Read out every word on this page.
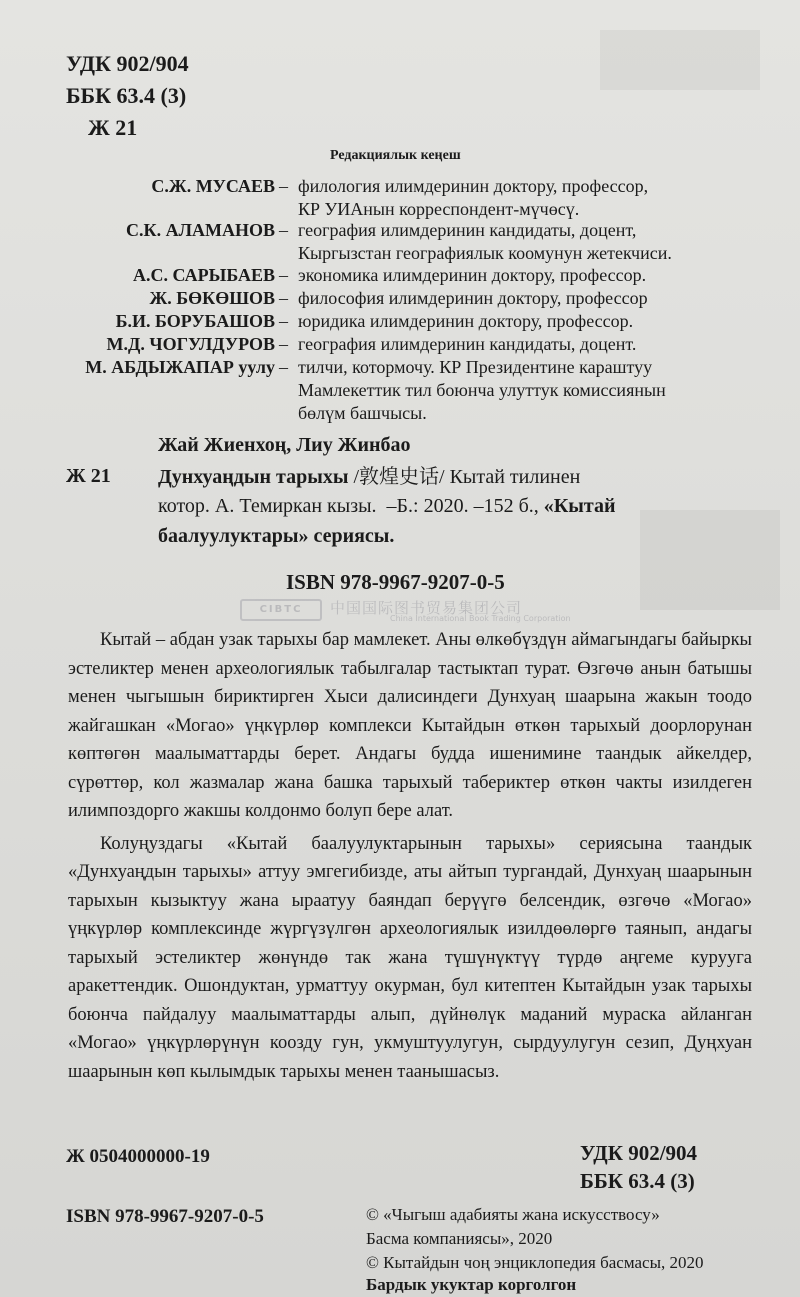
УДК 902/904
ББК 63.4 (3)
Ж 21
Редакциялык кеңеш
С.Ж. МУСАЕВ – филология илимдеринин доктору, профессор,
КР УИАнын корреспондент-мүчөсү.
С.К. АЛАМАНОВ – география илимдеринин кандидаты, доцент,
Кыргызстан географиялык коомунун жетекчиси.
А.С. САРЫБАЕВ – экономика илимдеринин доктору, профессор.
Ж. БӨКӨШОВ – философия илимдеринин доктору, профессор
Б.И. БОРУБАШОВ – юридика илимдеринин доктору, профессор.
М.Д. ЧОГУЛДУРОВ – география илимдеринин кандидаты, доцент.
М. АБДЫЖАПАР уулу – тилчи, котормочу. КР Президентине караштуу
Мамлекеттик тил боюнча улуттук комиссиянын
бөлүм башчысы.
Жай Жиенхоң, Лиу Жинбао
Ж 21 Дунхуаңдын тарыхы /敦煌史话/ Кытай тилинен
котор. А. Темиркан кызы.  –Б.: 2020. –152 б., «Кытай
баалуулуктары» сериясы.
ISBN 978-9967-9207-0-5
CIBTC	中国国际图书贸易集团公司
China International Book Trading Corporation

Кытай – абдан узак тарыхы бар мамлекет. Аны өлкөбүздүн аймагындагы байыркы эстеликтер менен археологиялык табылгалар тастыктап турат. Өзгөчө анын батышы менен чыгышын бириктирген Хыси далисиндеги Дунхуаң шаарына жакын тоодо жайгашкан «Могао» үңкүрлөр комплекси Кытайдын өткөн тарыхый доорлорунан көптөгөн маалыматтарды берет. Андагы будда ишенимине таандык айкелдер, сүрөттөр, кол жазмалар жана башка тарыхый табериктер өткөн чакты изилдеген илимпоздорго жакшы колдонмо болуп бере алат.

Колуңуздагы «Кытай баалуулуктарынын тарыхы» сериясына таандык «Дунхуаңдын тарыхы» аттуу эмгегибизде, аты айтып тургандай, Дунхуаң шаарынын тарыхын кызыктуу жана ыраатуу баяндап берүүгө белсендик, өзгөчө «Могао» үңкүрлөр комплексинде жүргүзүлгөн археологиялык изилдөөлөргө таянып, андагы тарыхый эстеликтер жөнүндө так жана түшүнүктүү түрдө аңгеме курууга аракеттендик. Ошондуктан, урматтуу окурман, бул китептен Кытайдын узак тарыхы боюнча пайдалуу маалыматтарды алып, дүйнөлүк маданий мураска айланган «Могао» үңкүрлөрүнүн коозду гун, укмуштуулугун, сырдуулугун сезип, Дуңхуан шаарынын көп кылымдык тарыхы менен таанышасыз.

Ж 0504000000-19	УДК 902/904
ББК 63.4 (3)
ISBN 978-9967-9207-0-5	© «Чыгыш адабияты жана искусствосу»
Басма компаниясы», 2020
© Кытайдын чоң энциклопедия басмасы, 2020
Бардык укуктар корголгон
